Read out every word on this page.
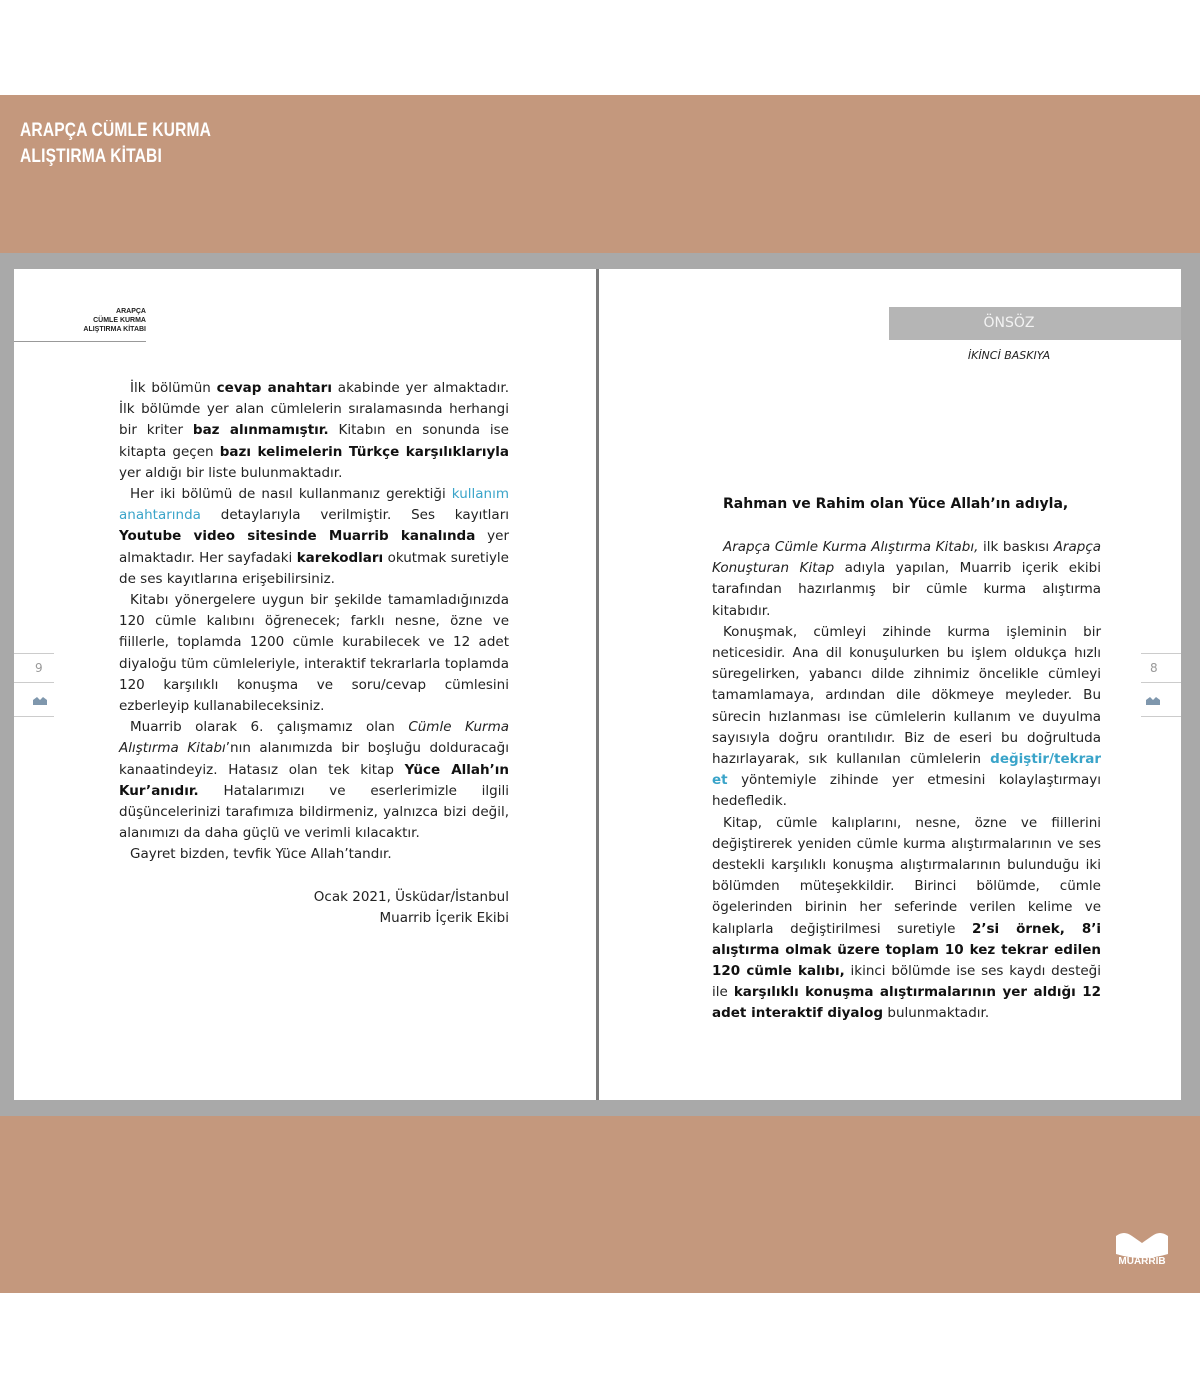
ARAPÇA CÜMLE KURMA
ALIŞTIRMA KİTABI
ARAPÇA
CÜMLE KURMA
ALIŞTIRMA KİTABI

İlk bölümün cevap anahtarı akabinde yer almaktadır. İlk bölümde yer alan cümlelerin sıralamasında herhangi bir kriter baz alınmamıştır. Kitabın en sonunda ise kitapta geçen bazı kelimelerin Türkçe karşılıklarıyla yer aldığı bir liste bulunmaktadır.

Her iki bölümü de nasıl kullanmanız gerektiği kullanım anahtarında detaylarıyla verilmiştir. Ses kayıtları Youtube video sitesinde Muarrib kanalında yer almaktadır. Her sayfadaki karekodları okutmak suretiyle de ses kayıtlarına erişebilirsiniz.

Kitabı yönergelere uygun bir şekilde tamamladığınızda 120 cümle kalıbını öğrenecek; farklı nesne, özne ve fiillerle, toplamda 1200 cümle kurabilecek ve 12 adet diyaloğu tüm cümleleriyle, interaktif tekrarlarla toplamda 120 karşılıklı konuşma ve soru/cevap cümlesini ezberleyip kullanabileceksiniz.

Muarrib olarak 6. çalışmamız olan Cümle Kurma Alıştırma Kitabı’nın alanımızda bir boşluğu dolduracağı kanaatindeyiz. Hatasız olan tek kitap Yüce Allah’ın Kur’anıdır. Hatalarımızı ve eserlerimizle ilgili düşüncelerinizi tarafımıza bildirmeniz, yalnızca bizi değil, alanımızı da daha güçlü ve verimli kılacaktır.

Gayret bizden, tevfik Yüce Allah’tandır.

Ocak 2021, Üsküdar/İstanbul
Muarrib İçerik Ekibi
9
ÖNSÖZ
İKİNCİ BASKIYA
Rahman ve Rahim olan Yüce Allah’ın adıyla,

Arapça Cümle Kurma Alıştırma Kitabı, ilk baskısı Arapça Konuşturan Kitap adıyla yapılan, Muarrib içerik ekibi tarafından hazırlanmış bir cümle kurma alıştırma kitabıdır.

Konuşmak, cümleyi zihinde kurma işleminin bir neticesidir. Ana dil konuşulurken bu işlem oldukça hızlı süregelirken, yabancı dilde zihnimiz öncelikle cümleyi tamamlamaya, ardından dile dökmeye meyleder. Bu sürecin hızlanması ise cümlelerin kullanım ve duyulma sayısıyla doğru orantılıdır. Biz de eseri bu doğrultuda hazırlayarak, sık kullanılan cümlelerin değiştir/tekrar et yöntemiyle zihinde yer etmesini kolaylaştırmayı hedefledik.

Kitap, cümle kalıplarını, nesne, özne ve fiillerini değiştirerek yeniden cümle kurma alıştırmalarının ve ses destekli karşılıklı konuşma alıştırmalarının bulunduğu iki bölümden müteşekkildir. Birinci bölümde, cümle ögelerinden birinin her seferinde verilen kelime ve kalıplarla değiştirilmesi suretiyle 2’si örnek, 8’i alıştırma olmak üzere toplam 10 kez tekrar edilen 120 cümle kalıbı, ikinci bölümde ise ses kaydı desteği ile karşılıklı konuşma alıştırmalarının yer aldığı 12 adet interaktif diyalog bulunmaktadır.

8
MUARRIB
